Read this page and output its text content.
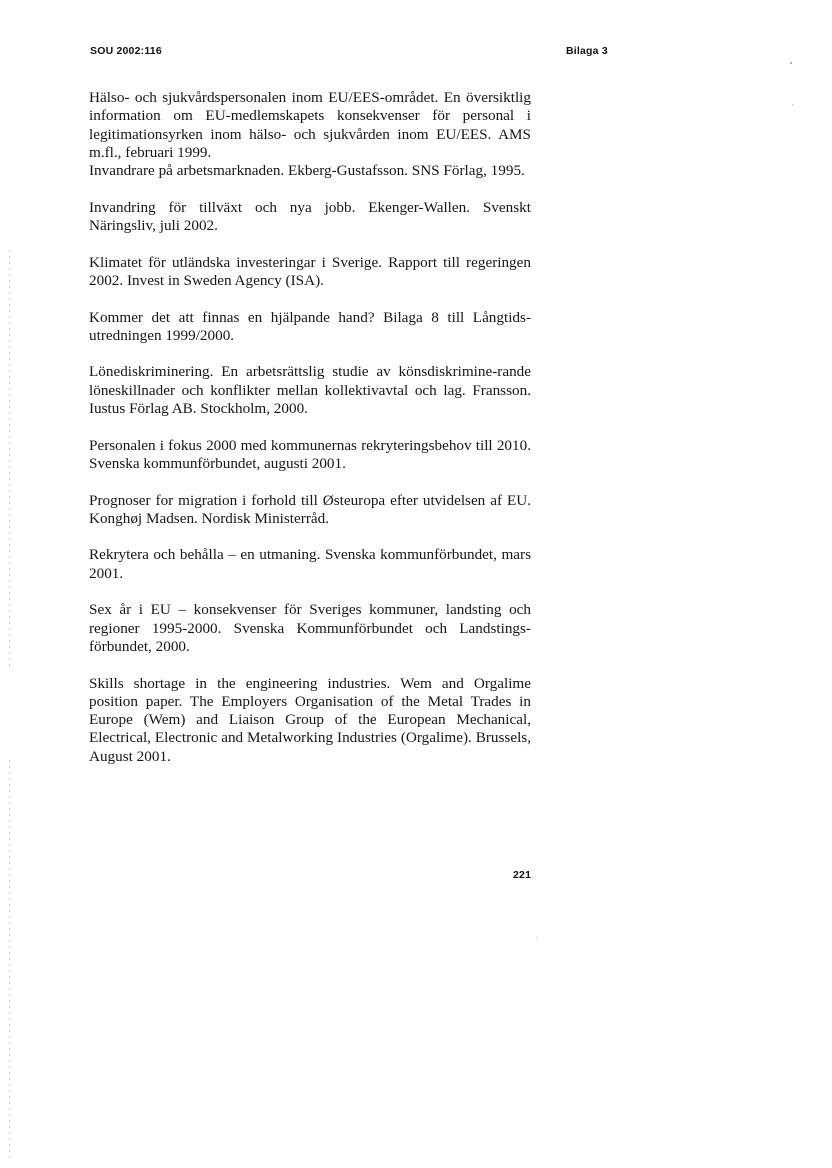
SOU 2002:116	Bilaga 3

Hälso- och sjukvårdspersonalen inom EU/EES-området. En översiktlig information om EU-medlemskapets konsekvenser för personal i legitimationsyrken inom hälso- och sjukvården inom EU/EES. AMS m.fl., februari 1999.

Invandrare på arbetsmarknaden. Ekberg-Gustafsson. SNS Förlag, 1995.

Invandring för tillväxt och nya jobb. Ekenger-Wallen. Svenskt Näringsliv, juli 2002.

Klimatet för utländska investeringar i Sverige. Rapport till regeringen 2002. Invest in Sweden Agency (ISA).

Kommer det att finnas en hjälpande hand? Bilaga 8 till Långtids-utredningen 1999/2000.

Lönediskriminering. En arbetsrättslig studie av könsdiskrimine-rande löneskillnader och konflikter mellan kollektivavtal och lag. Fransson. Iustus Förlag AB. Stockholm, 2000.

Personalen i fokus 2000 med kommunernas rekryteringsbehov till 2010. Svenska kommunförbundet, augusti 2001.

Prognoser for migration i forhold till Østeuropa efter utvidelsen af EU. Konghøj Madsen. Nordisk Ministerråd.

Rekrytera och behålla – en utmaning. Svenska kommunförbundet, mars 2001.

Sex år i EU – konsekvenser för Sveriges kommuner, landsting och regioner 1995-2000. Svenska Kommunförbundet och Landstings-förbundet, 2000.

Skills shortage in the engineering industries. Wem and Orgalime position paper. The Employers Organisation of the Metal Trades in Europe (Wem) and Liaison Group of the European Mechanical, Electrical, Electronic and Metalworking Industries (Orgalime). Brussels, August 2001.

221
